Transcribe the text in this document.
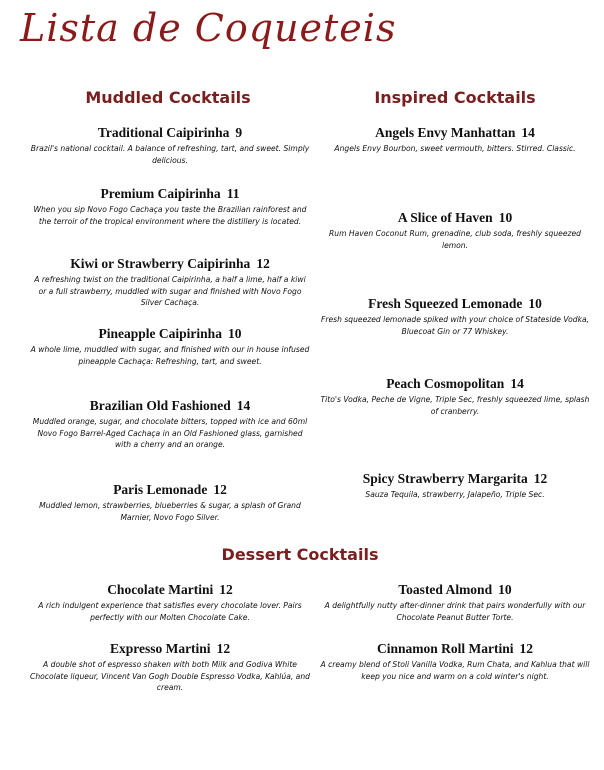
Lista de Coqueteis
Muddled Cocktails
Traditional Caipirinha 9
Brazil's national cocktail. A balance of refreshing, tart, and sweet. Simply delicious.
Premium Caipirinha 11
When you sip Novo Fogo Cachaça you taste the Brazilian rainforest and the terroir of the tropical environment where the distillery is located.
Kiwi or Strawberry Caipirinha 12
A refreshing twist on the traditional Caipirinha, a half a lime, half a kiwi or a full strawberry, muddled with sugar and finished with Novo Fogo Silver Cachaça.
Pineapple Caipirinha 10
A whole lime, muddled with sugar, and finished with our in house infused pineapple Cachaça: Refreshing, tart, and sweet.
Brazilian Old Fashioned 14
Muddled orange, sugar, and chocolate bitters, topped with ice and 60ml Novo Fogo Barrel-Aged Cachaça in an Old Fashioned glass, garnished with a cherry and an orange.
Paris Lemonade 12
Muddled lemon, strawberries, blueberries & sugar, a splash of Grand Marnier, Novo Fogo Silver.
Inspired Cocktails
Angels Envy Manhattan 14
Angels Envy Bourbon, sweet vermouth, bitters. Stirred. Classic.
A Slice of Haven 10
Rum Haven Coconut Rum, grenadine, club soda, freshly squeezed lemon.
Fresh Squeezed Lemonade 10
Fresh squeezed lemonade spiked with your choice of Stateside Vodka, Bluecoat Gin or 77 Whiskey.
Peach Cosmopolitan 14
Tito's Vodka, Peche de Vigne, Triple Sec, freshly squeezed lime, splash of cranberry.
Spicy Strawberry Margarita 12
Sauza Tequila, strawberry, Jalapeño, Triple Sec.
Dessert Cocktails
Chocolate Martini 12
A rich indulgent experience that satisfies every chocolate lover. Pairs perfectly with our Molten Chocolate Cake.
Expresso Martini 12
A double shot of espresso shaken with both Milk and Godiva White Chocolate liqueur, Vincent Van Gogh Double Espresso Vodka, Kahlúa, and cream.
Toasted Almond 10
A delightfully nutty after-dinner drink that pairs wonderfully with our Chocolate Peanut Butter Torte.
Cinnamon Roll Martini 12
A creamy blend of Stoli Vanilla Vodka, Rum Chata, and Kahlua that will keep you nice and warm on a cold winter's night.
